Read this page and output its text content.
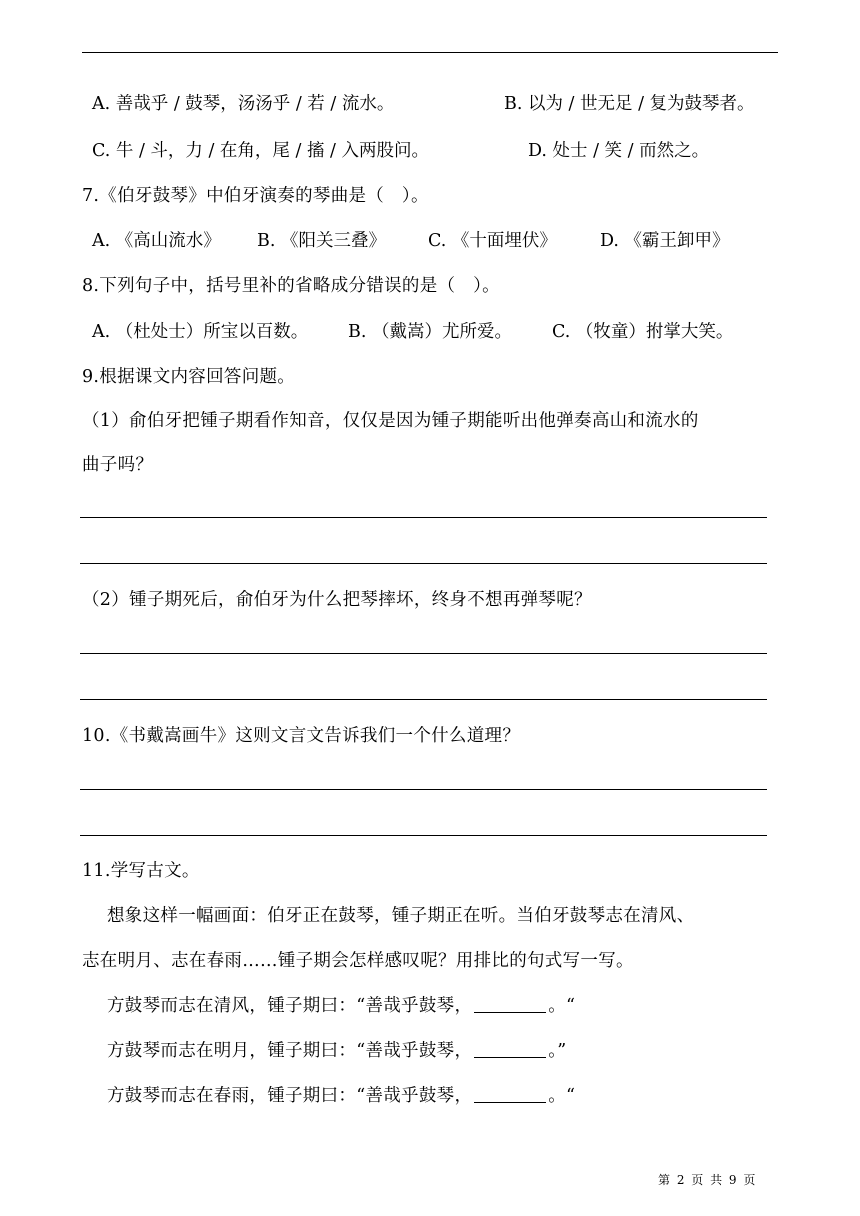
A. 善哉乎 / 鼓琴，汤汤乎 / 若 / 流水。	B. 以为 / 世无足 / 复为鼓琴者。
C. 牛 / 斗，力 / 在角，尾 / 搐 / 入两股问。	D. 处士 / 笑 / 而然之。
7.《伯牙鼓琴》中伯牙演奏的琴曲是（　）。
A. 《高山流水》 B. 《阳关三叠》 C. 《十面埋伏》 D. 《霸王卸甲》
8.下列句子中，括号里补的省略成分错误的是（　）。
A. （杜处士）所宝以百数。 B. （戴嵩）尤所爱。 C. （牧童）拊掌大笑。
9.根据课文内容回答问题。
（1）俞伯牙把锺子期看作知音，仅仅是因为锺子期能听出他弹奏高山和流水的
曲子吗？
（2）锺子期死后，俞伯牙为什么把琴摔坏，终身不想再弹琴呢？
10.《书戴嵩画牛》这则文言文告诉我们一个什么道理？
11.学写古文。
想象这样一幅画面：伯牙正在鼓琴，锺子期正在听。当伯牙鼓琴志在清风、
志在明月、志在春雨……锺子期会怎样感叹呢？用排比的句式写一写。
方鼓琴而志在清风，锺子期曰：“善哉乎鼓琴，	。“
方鼓琴而志在明月，锺子期曰：“善哉乎鼓琴，	。”
方鼓琴而志在春雨，锺子期曰：“善哉乎鼓琴，	。“
第 2 页 共 9 页
